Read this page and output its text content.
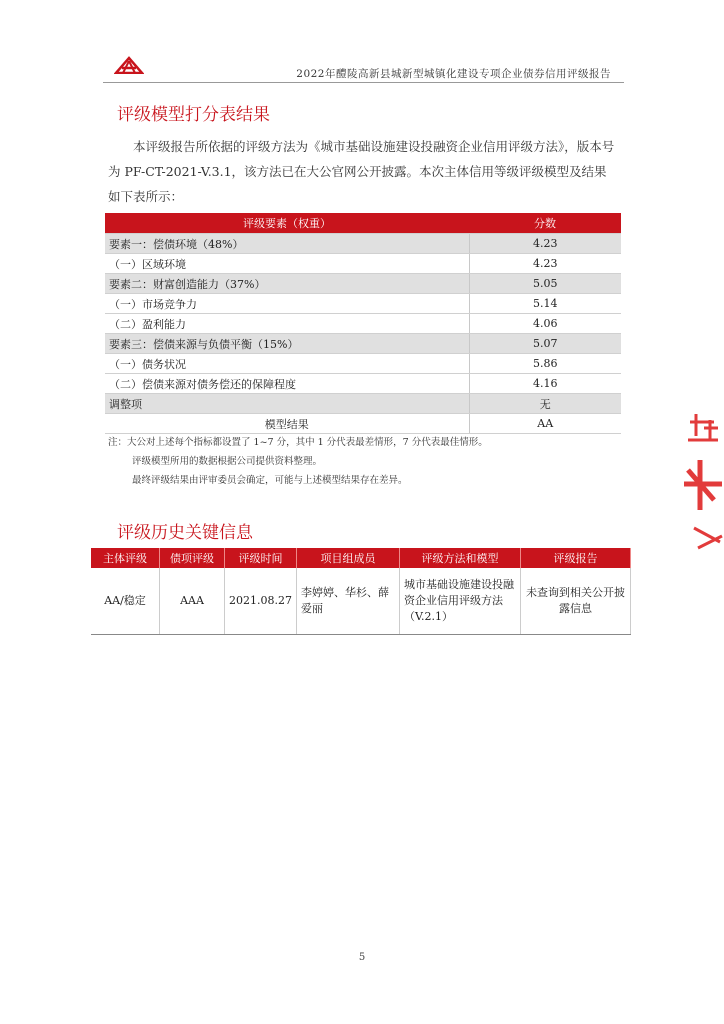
2022年醴陵高新县城新型城镇化建设专项企业债券信用评级报告
评级模型打分表结果

本评级报告所依据的评级方法为《城市基础设施建设投融资企业信用评级方法》，版本号为 PF-CT-2021-V.3.1，该方法已在大公官网公开披露。本次主体信用等级评级模型及结果如下表所示：

评级要素（权重）	分数
要素一：偿债环境（48%）	4.23
（一）区域环境	4.23
要素二：财富创造能力（37%）	5.05
（一）市场竞争力	5.14
（二）盈利能力	4.06
要素三：偿债来源与负债平衡（15%）	5.07
（一）债务状况	5.86
（二）偿债来源对债务偿还的保障程度	4.16
调整项	无
模型结果	AA
注：大公对上述每个指标都设置了 1~7 分，其中 1 分代表最差情形，7 分代表最佳情形。
评级模型所用的数据根据公司提供资料整理。
最终评级结果由评审委员会确定，可能与上述模型结果存在差异。
评级历史关键信息
主体评级	债项评级	评级时间	项目组成员	评级方法和模型	评级报告
AA/稳定	AAA	2021.08.27	李婷婷、华杉、薛爱丽	城市基础设施建设投融资企业信用评级方法（V.2.1）	未查询到相关公开披露信息
5
